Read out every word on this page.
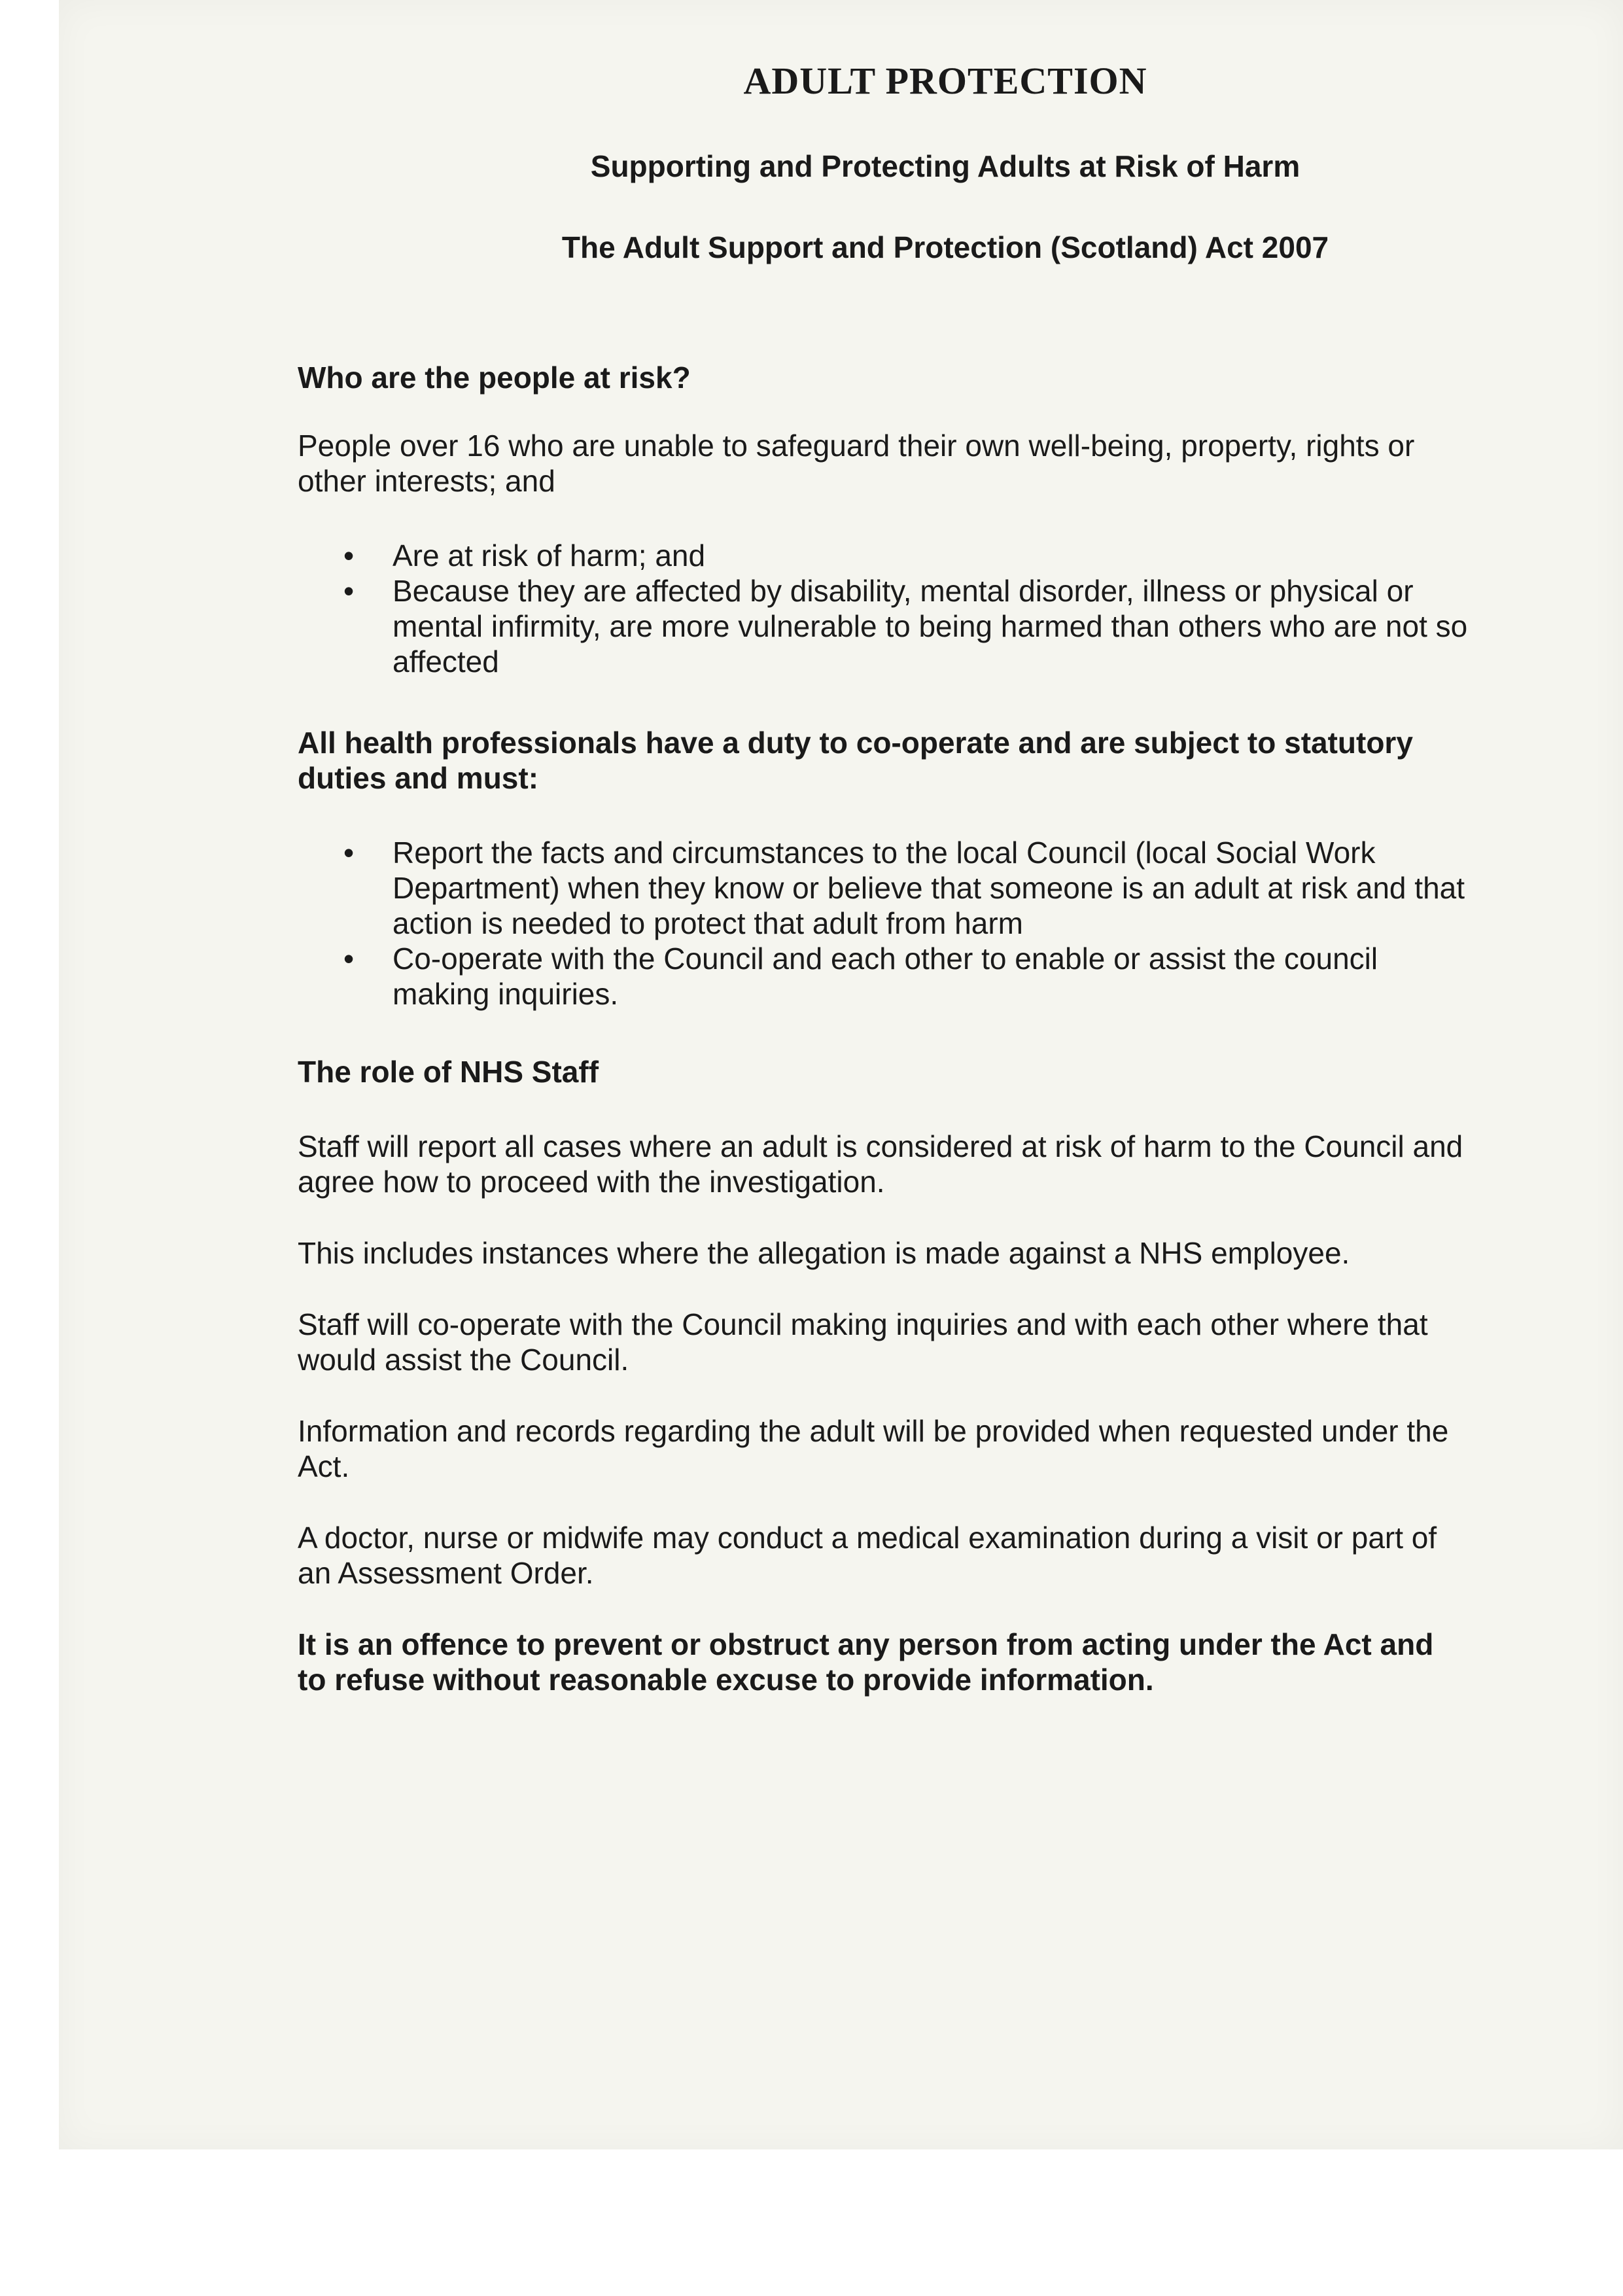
ADULT PROTECTION
Supporting and Protecting Adults at Risk of Harm
The Adult Support and Protection (Scotland) Act 2007
Who are the people at risk?
People over 16 who are unable to safeguard their own well-being, property, rights or other interests; and
• Are at risk of harm; and
• Because they are affected by disability, mental disorder, illness or physical or mental infirmity, are more vulnerable to being harmed than others who are not so affected
All health professionals have a duty to co-operate and are subject to statutory duties and must:
• Report the facts and circumstances to the local Council (local Social Work Department) when they know or believe that someone is an adult at risk and that action is needed to protect that adult from harm
• Co-operate with the Council and each other to enable or assist the council making inquiries.
The role of NHS Staff
Staff will report all cases where an adult is considered at risk of harm to the Council and agree how to proceed with the investigation.
This includes instances where the allegation is made against a NHS employee.
Staff will co-operate with the Council making inquiries and with each other where that would assist the Council.
Information and records regarding the adult will be provided when requested under the Act.
A doctor, nurse or midwife may conduct a medical examination during a visit or part of an Assessment Order.
It is an offence to prevent or obstruct any person from acting under the Act and to refuse without reasonable excuse to provide information.
